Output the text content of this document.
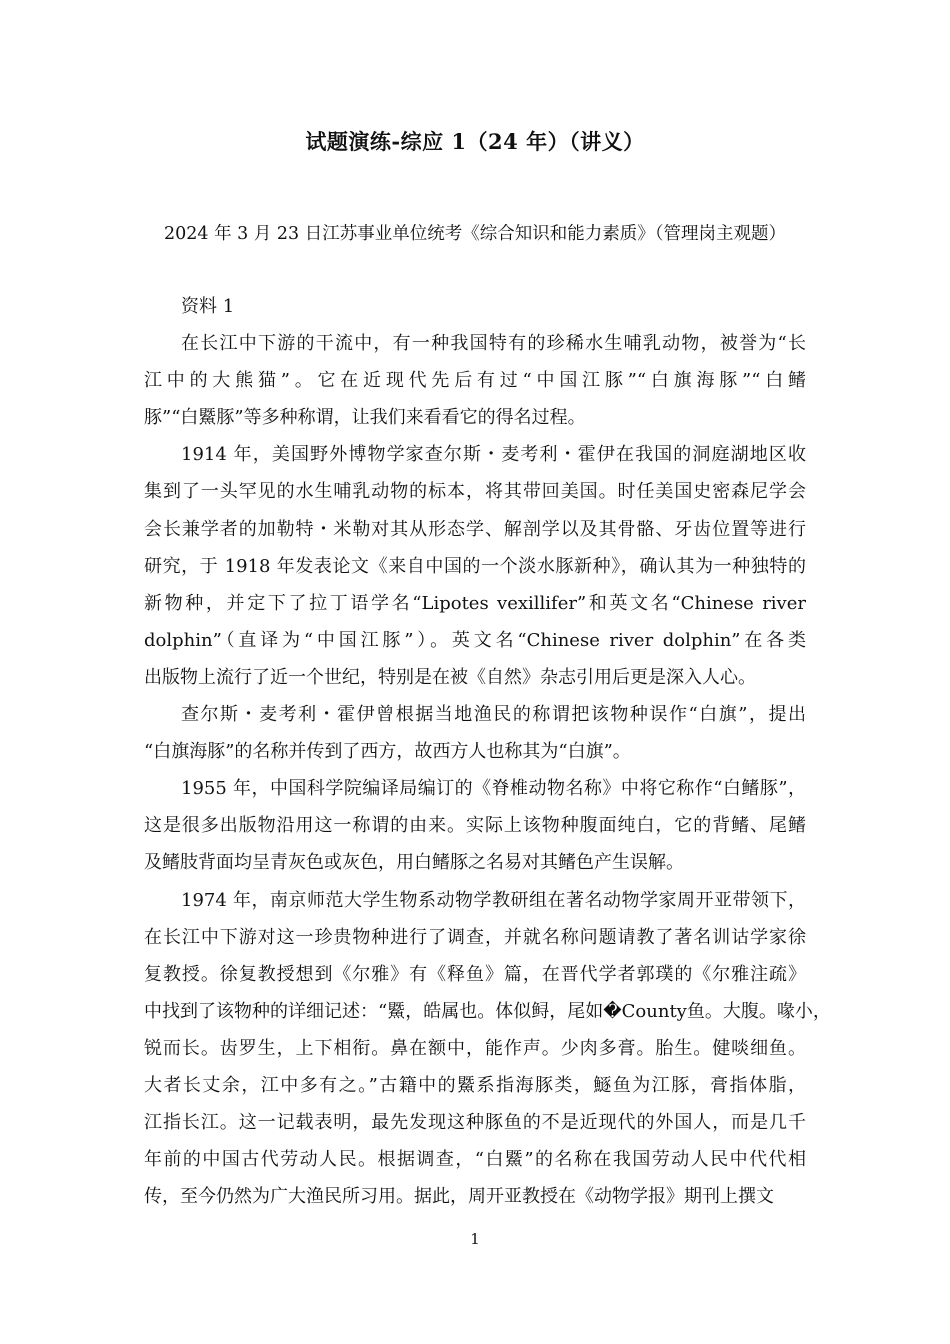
试题演练-综应 1（24 年）（讲义）
2024 年 3 月 23 日江苏事业单位统考《综合知识和能力素质》（管理岗主观题）
资料 1
在长江中下游的干流中，有一种我国特有的珍稀水生哺乳动物，被誉为“长
江中的大熊猫”。它在近现代先后有过“中国江豚”“白旗海豚”“白鳍
豚”“白鱀豚”等多种称谓，让我们来看看它的得名过程。
1914 年，美国野外博物学家查尔斯・麦考利・霍伊在我国的洞庭湖地区收
集到了一头罕见的水生哺乳动物的标本，将其带回美国。时任美国史密森尼学会
会长兼学者的加勒特・米勒对其从形态学、解剖学以及其骨骼、牙齿位置等进行
研究，于 1918 年发表论文《来自中国的一个淡水豚新种》，确认其为一种独特的
新物种，并定下了拉丁语学名“Lipotes vexillifer”和英文名“Chinese river
dolphin”（直译为“中国江豚”）。英文名“Chinese river dolphin”在各类
出版物上流行了近一个世纪，特别是在被《自然》杂志引用后更是深入人心。
查尔斯・麦考利・霍伊曾根据当地渔民的称谓把该物种误作“白旗”，提出
“白旗海豚”的名称并传到了西方，故西方人也称其为“白旗”。
1955 年，中国科学院编译局编订的《脊椎动物名称》中将它称作“白鳍豚”，
这是很多出版物沿用这一称谓的由来。实际上该物种腹面纯白，它的背鳍、尾鳍
及鳍肢背面均呈青灰色或灰色，用白鳍豚之名易对其鳍色产生误解。
1974 年，南京师范大学生物系动物学教研组在著名动物学家周开亚带领下，
在长江中下游对这一珍贵物种进行了调查，并就名称问题请教了著名训诂学家徐
复教授。徐复教授想到《尔雅》有《释鱼》篇，在晋代学者郭璞的《尔雅注疏》
中找到了该物种的详细记述：“鱀，皓属也。体似鲟，尾如�County鱼。大腹。喙小，
锐而长。齿罗生，上下相衔。鼻在额中，能作声。少肉多膏。胎生。健啖细鱼。
大者长丈余，江中多有之。”古籍中的鱀系指海豚类，鱁鱼为江豚，膏指体脂，
江指长江。这一记载表明，最先发现这种豚鱼的不是近现代的外国人，而是几千
年前的中国古代劳动人民。根据调查，“白鱀”的名称在我国劳动人民中代代相
传，至今仍然为广大渔民所习用。据此，周开亚教授在《动物学报》期刊上撰文
1
